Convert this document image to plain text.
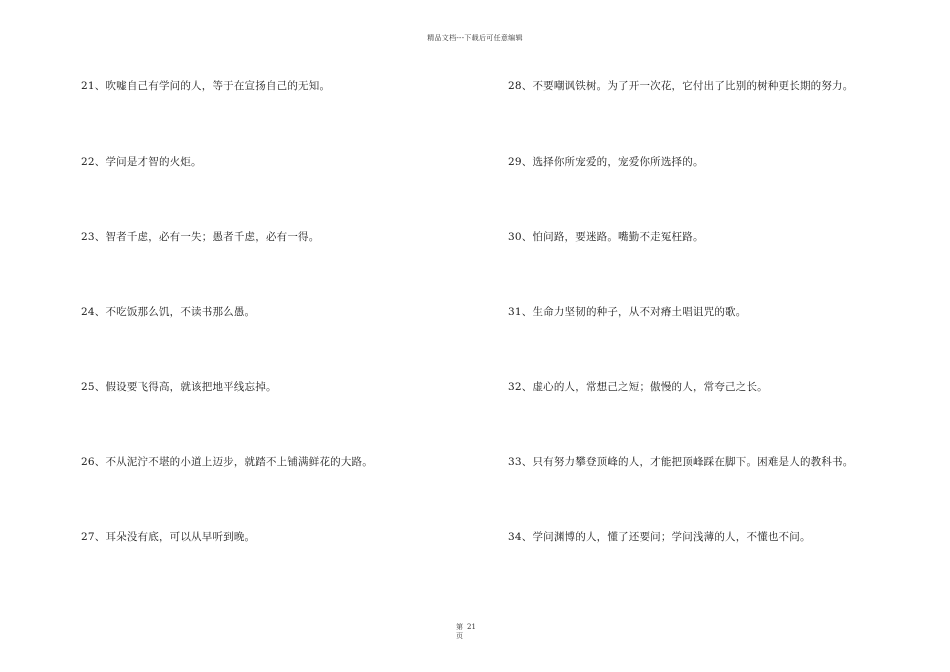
精品文档---下载后可任意编辑
21、吹嘘自己有学问的人，等于在宣扬自己的无知。
22、学问是才智的火炬。
23、智者千虑，必有一失；愚者千虑，必有一得。
24、不吃饭那么饥，不读书那么愚。
25、假设要飞得高，就该把地平线忘掉。
26、不从泥泞不堪的小道上迈步，就踏不上铺满鲜花的大路。
27、耳朵没有底，可以从早听到晚。
28、不要嘲讽铁树。为了开一次花，它付出了比别的树种更长期的努力。
29、选择你所宠爱的，宠爱你所选择的。
30、怕问路，要迷路。嘴勤不走冤枉路。
31、生命力坚韧的种子，从不对瘠土唱诅咒的歌。
32、虚心的人，常想己之短；傲慢的人，常夸己之长。
33、只有努力攀登顶峰的人，才能把顶峰踩在脚下。困难是人的教科书。
34、学问渊博的人，懂了还要问；学问浅薄的人，不懂也不问。
第 21
页
